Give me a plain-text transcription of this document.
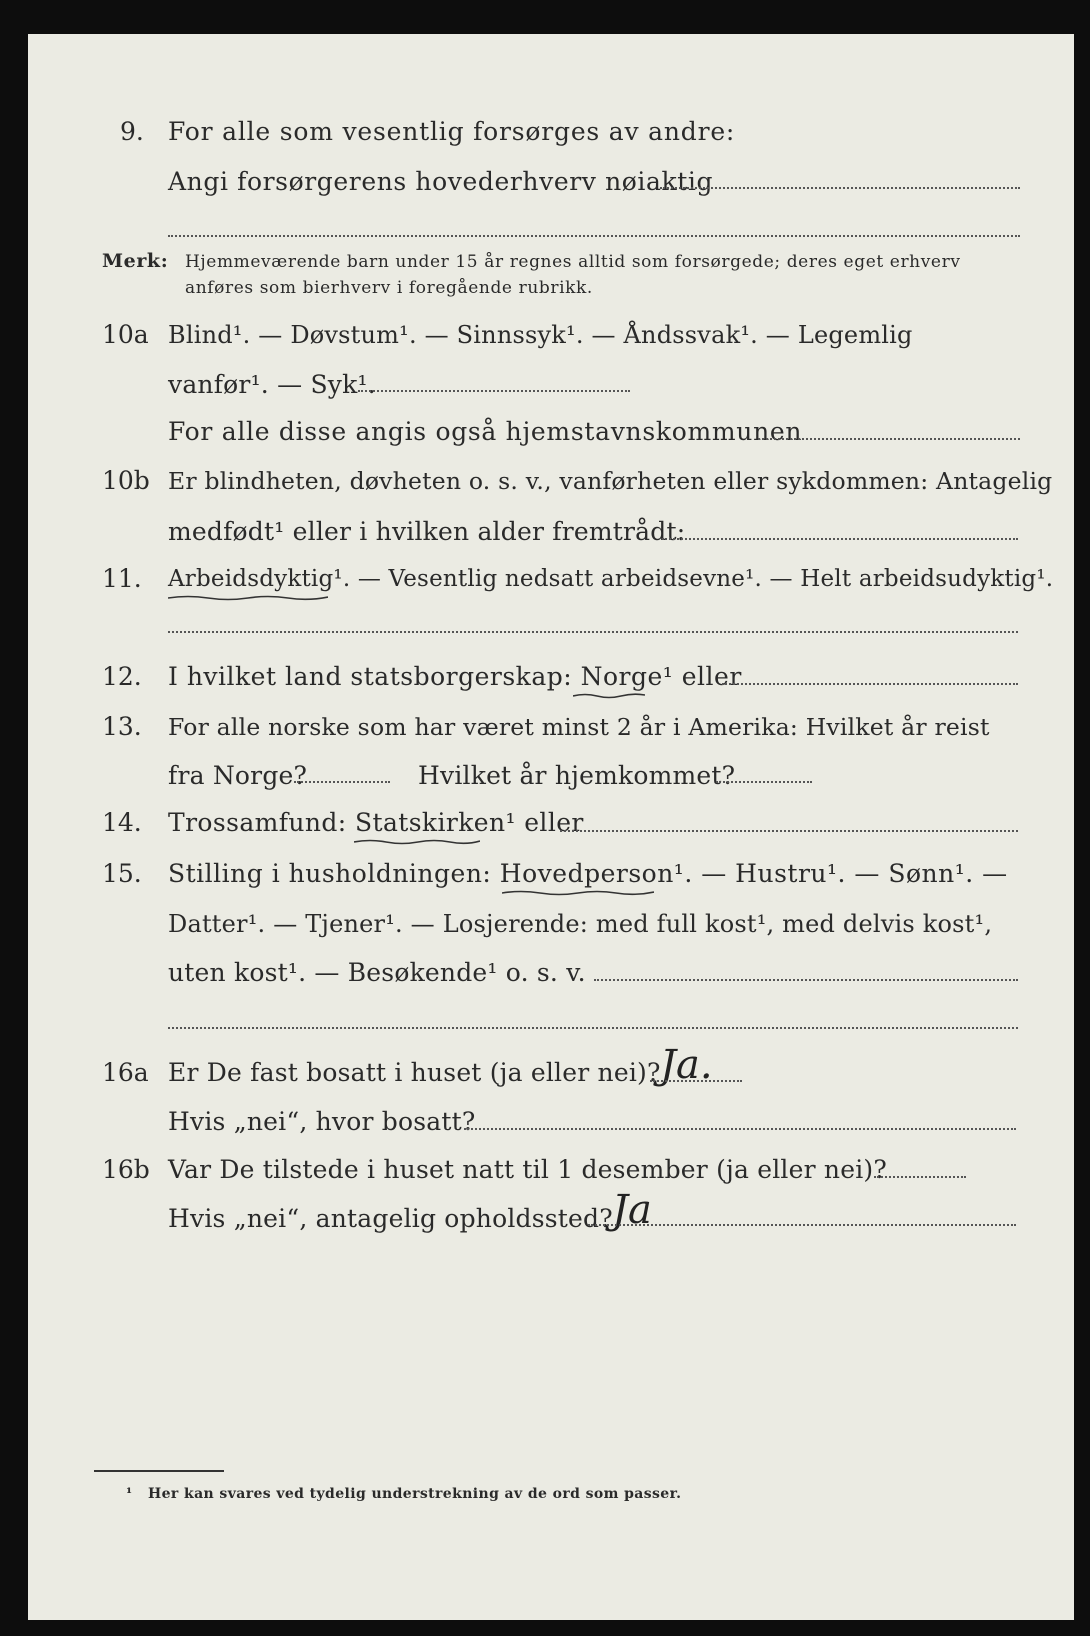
9. For alle som vesentlig forsørges av andre:
Angi forsørgerens hovederhverv nøiaktig
Merk: Hjemmeværende barn under 15 år regnes alltid som forsørgede; deres eget erhverv
anføres som bierhverv i foregående rubrikk.
10a Blind¹. — Døvstum¹. — Sinnssyk¹. — Åndssvak¹. — Legemlig
vanfør¹. — Syk¹.
For alle disse angis også hjemstavnskommunen
10b Er blindheten, døvheten o. s. v., vanførheten eller sykdommen: Antagelig
medfødt¹ eller i hvilken alder fremtrådt:
11. Arbeidsdyktig¹. — Vesentlig nedsatt arbeidsevne¹. — Helt arbeidsudyktig¹.
12. I hvilket land statsborgerskap: Norge¹ eller
13. For alle norske som har været minst 2 år i Amerika: Hvilket år reist
fra Norge?	Hvilket år hjemkommet?
14. Trossamfund: Statskirken¹ eller
15. Stilling i husholdningen: Hovedperson¹. — Hustru¹. — Sønn¹. —
Datter¹. — Tjener¹. — Losjerende: med full kost¹, med delvis kost¹,
uten kost¹. — Besøkende¹ o. s. v.
16a Er De fast bosatt i huset (ja eller nei)? Ja.
Hvis „nei“, hvor bosatt?
16b Var De tilstede i huset natt til 1 desember (ja eller nei)?
Hvis „nei“, antagelig opholdssted? Ja
¹ Her kan svares ved tydelig understrekning av de ord som passer.
